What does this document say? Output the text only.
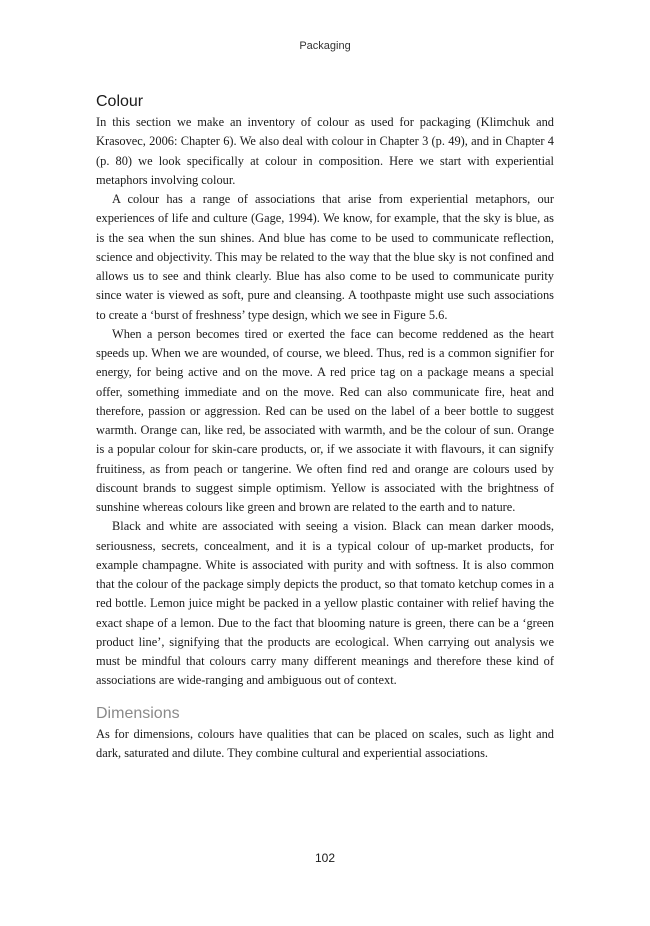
Packaging
Colour

In this section we make an inventory of colour as used for packaging (Klimchuk and Krasovec, 2006: Chapter 6). We also deal with colour in Chapter 3 (p. 49), and in Chapter 4 (p. 80) we look specifically at colour in composition. Here we start with experiential metaphors involving colour.

A colour has a range of associations that arise from experiential metaphors, our experiences of life and culture (Gage, 1994). We know, for example, that the sky is blue, as is the sea when the sun shines. And blue has come to be used to communicate reflection, science and objectivity. This may be related to the way that the blue sky is not confined and allows us to see and think clearly. Blue has also come to be used to communicate purity since water is viewed as soft, pure and cleansing. A toothpaste might use such associations to create a ‘burst of freshness’ type design, which we see in Figure 5.6.

When a person becomes tired or exerted the face can become reddened as the heart speeds up. When we are wounded, of course, we bleed. Thus, red is a common signifier for energy, for being active and on the move. A red price tag on a package means a special offer, something immediate and on the move. Red can also communicate fire, heat and therefore, passion or aggression. Red can be used on the label of a beer bottle to suggest warmth. Orange can, like red, be associated with warmth, and be the colour of sun. Orange is a popular colour for skin-care products, or, if we associate it with flavours, it can signify fruitiness, as from peach or tangerine. We often find red and orange are colours used by discount brands to suggest simple optimism. Yellow is associated with the brightness of sunshine whereas colours like green and brown are related to the earth and to nature.

Black and white are associated with seeing a vision. Black can mean darker moods, seriousness, secrets, concealment, and it is a typical colour of up-market products, for example champagne. White is associated with purity and with softness. It is also common that the colour of the package simply depicts the product, so that tomato ketchup comes in a red bottle. Lemon juice might be packed in a yellow plastic container with relief having the exact shape of a lemon. Due to the fact that blooming nature is green, there can be a ‘green product line’, signifying that the products are ecological. When carrying out analysis we must be mindful that colours carry many different meanings and therefore these kind of associations are wide-ranging and ambiguous out of context.

Dimensions

As for dimensions, colours have qualities that can be placed on scales, such as light and dark, saturated and dilute. They combine cultural and experiential associations.

102
